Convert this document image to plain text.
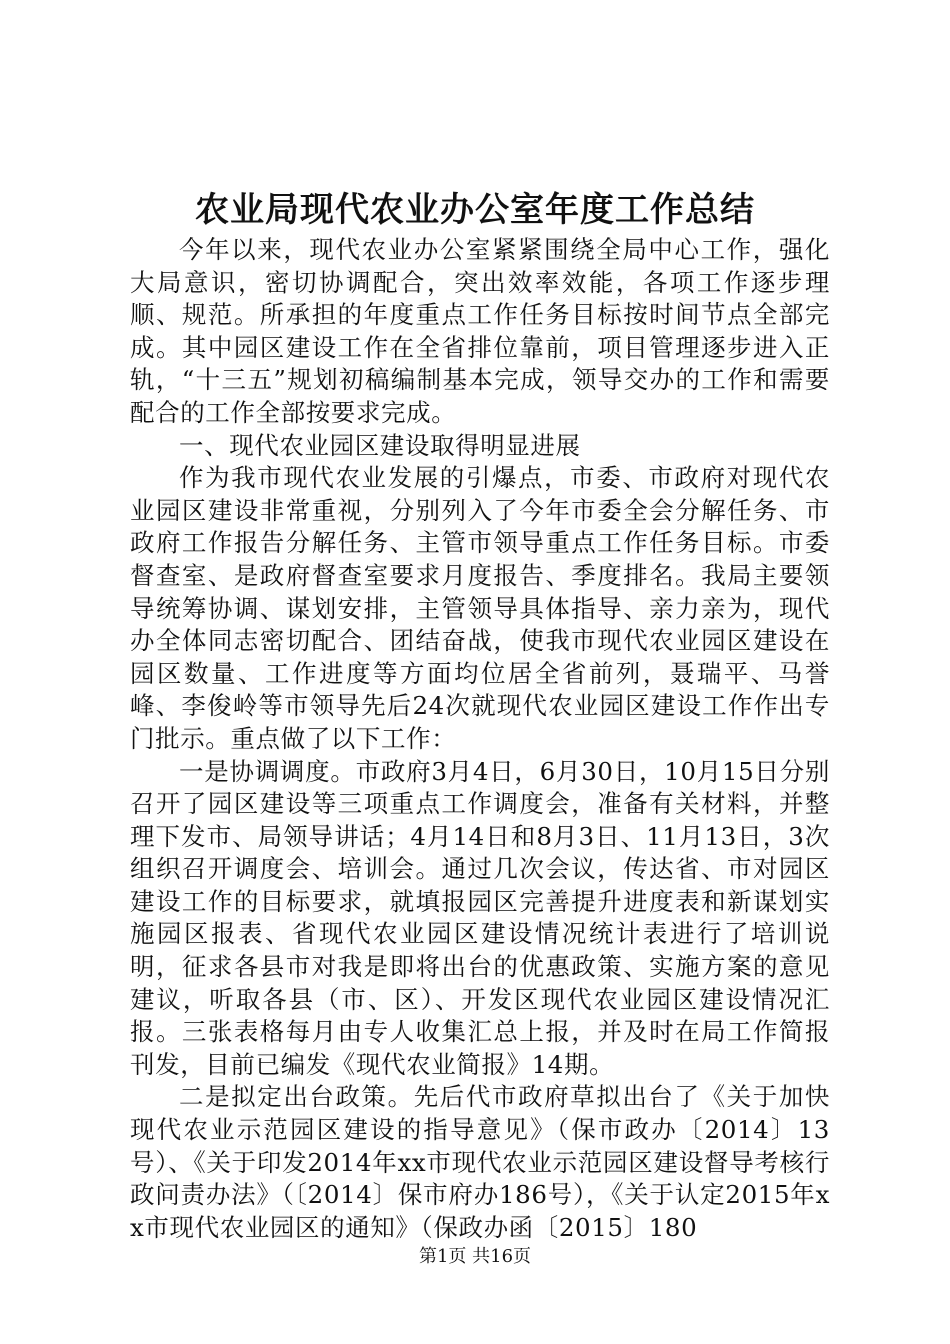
农业局现代农业办公室年度工作总结

今年以来，现代农业办公室紧紧围绕全局中心工作，强化大局意识，密切协调配合，突出效率效能，各项工作逐步理顺、规范。所承担的年度重点工作任务目标按时间节点全部完成。其中园区建设工作在全省排位靠前，项目管理逐步进入正轨，“十三五”规划初稿编制基本完成，领导交办的工作和需要配合的工作全部按要求完成。

一、现代农业园区建设取得明显进展

作为我市现代农业发展的引爆点，市委、市政府对现代农业园区建设非常重视，分别列入了今年市委全会分解任务、市政府工作报告分解任务、主管市领导重点工作任务目标。市委督查室、是政府督查室要求月度报告、季度排名。我局主要领导统筹协调、谋划安排，主管领导具体指导、亲力亲为，现代办全体同志密切配合、团结奋战，使我市现代农业园区建设在园区数量、工作进度等方面均位居全省前列，聂瑞平、马誉峰、李俊岭等市领导先后24次就现代农业园区建设工作作出专门批示。重点做了以下工作：

一是协调调度。市政府3月4日，6月30日，10月15日分别召开了园区建设等三项重点工作调度会，准备有关材料，并整理下发市、局领导讲话；4月14日和8月3日、11月13日，3次组织召开调度会、培训会。通过几次会议，传达省、市对园区建设工作的目标要求，就填报园区完善提升进度表和新谋划实施园区报表、省现代农业园区建设情况统计表进行了培训说明，征求各县市对我是即将出台的优惠政策、实施方案的意见建议，听取各县（市、区）、开发区现代农业园区建设情况汇报。三张表格每月由专人收集汇总上报，并及时在局工作简报刊发，目前已编发《现代农业简报》14期。

二是拟定出台政策。先后代市政府草拟出台了《关于加快现代农业示范园区建设的指导意见》（保市政办〔2014〕13号）、《关于印发2014年xx市现代农业示范园区建设督导考核行政问责办法》（〔2014〕保市府办186号），《关于认定2015年xx市现代农业园区的通知》（保政办函〔2015〕180

第1页 共16页
